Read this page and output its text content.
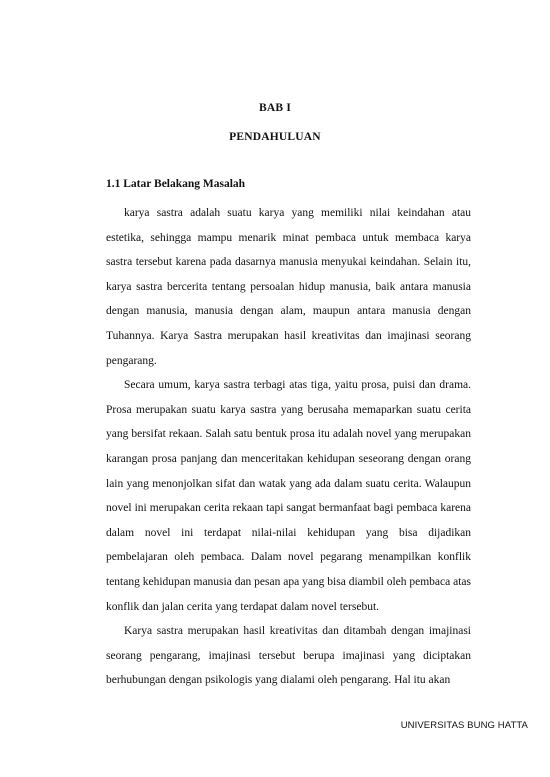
BAB I
PENDAHULUAN
1.1 Latar Belakang Masalah

karya sastra adalah suatu karya yang memiliki nilai keindahan atau estetika, sehingga mampu menarik minat pembaca untuk membaca karya sastra tersebut karena pada dasarnya manusia menyukai keindahan. Selain itu, karya sastra bercerita tentang persoalan hidup manusia, baik antara manusia dengan manusia, manusia dengan alam, maupun antara manusia dengan Tuhannya. Karya Sastra merupakan hasil kreativitas dan imajinasi seorang pengarang.

Secara umum, karya sastra terbagi atas tiga, yaitu prosa, puisi dan drama. Prosa merupakan suatu karya sastra yang berusaha memaparkan suatu cerita yang bersifat rekaan. Salah satu bentuk prosa itu adalah novel yang merupakan karangan prosa panjang dan menceritakan kehidupan seseorang dengan orang lain yang menonjolkan sifat dan watak yang ada dalam suatu cerita. Walaupun novel ini merupakan cerita rekaan tapi sangat bermanfaat bagi pembaca karena dalam novel ini terdapat nilai-nilai kehidupan yang bisa dijadikan pembelajaran oleh pembaca. Dalam novel pegarang menampilkan konflik tentang kehidupan manusia dan pesan apa yang bisa diambil oleh pembaca atas konflik dan jalan cerita yang terdapat dalam novel tersebut.

Karya sastra merupakan hasil kreativitas dan ditambah dengan imajinasi seorang pengarang, imajinasi tersebut berupa imajinasi yang diciptakan berhubungan dengan psikologis yang dialami oleh pengarang. Hal itu akan

UNIVERSITAS BUNG HATTA
